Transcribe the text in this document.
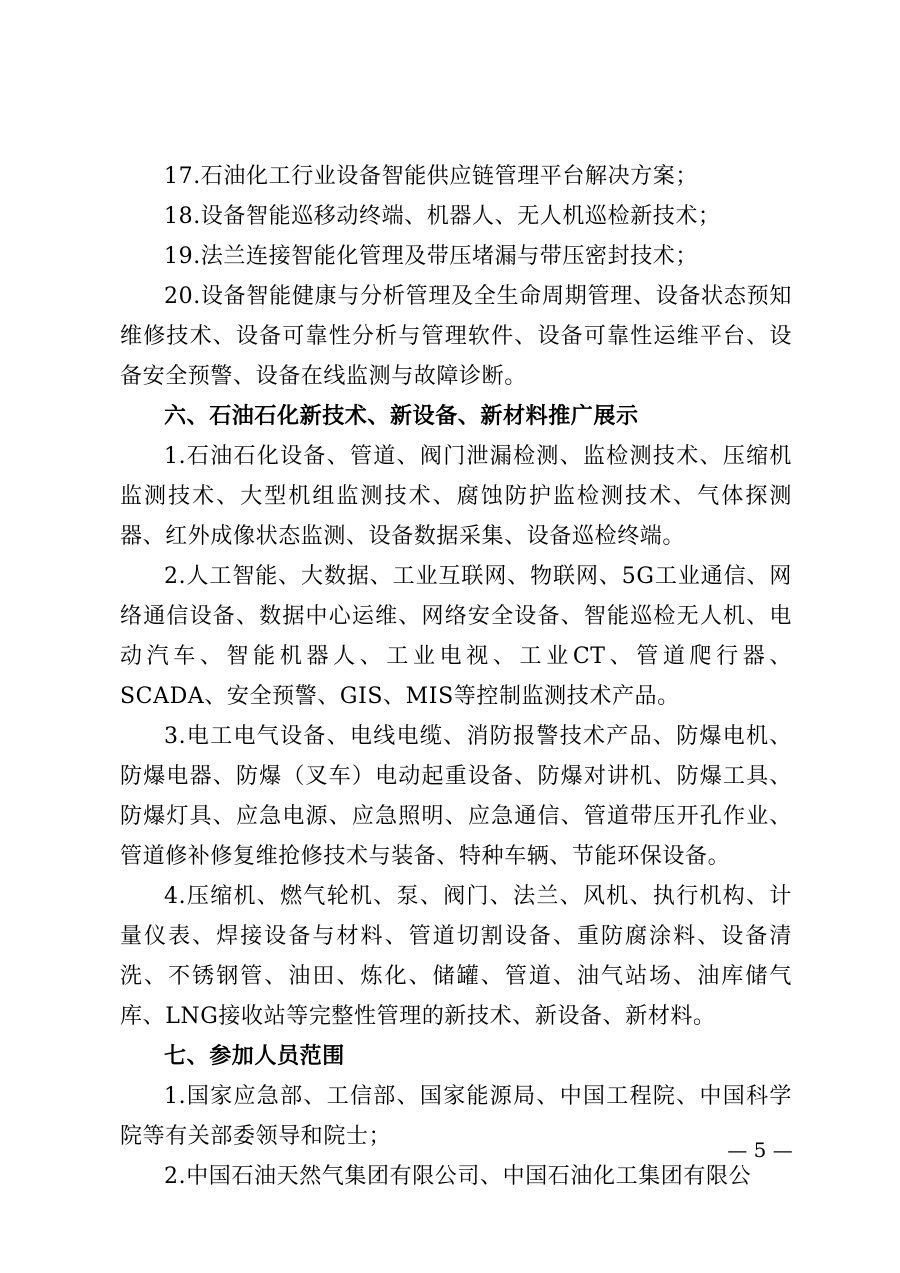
17.石油化工行业设备智能供应链管理平台解决方案；

18.设备智能巡移动终端、机器人、无人机巡检新技术；

19.法兰连接智能化管理及带压堵漏与带压密封技术；

20.设备智能健康与分析管理及全生命周期管理、设备状态预知维修技术、设备可靠性分析与管理软件、设备可靠性运维平台、设备安全预警、设备在线监测与故障诊断。

六、石油石化新技术、新设备、新材料推广展示

1.石油石化设备、管道、阀门泄漏检测、监检测技术、压缩机监测技术、大型机组监测技术、腐蚀防护监检测技术、气体探测器、红外成像状态监测、设备数据采集、设备巡检终端。

2.人工智能、大数据、工业互联网、物联网、5G工业通信、网络通信设备、数据中心运维、网络安全设备、智能巡检无人机、电动汽车、智能机器人、工业电视、工业CT、管道爬行器、SCADA、安全预警、GIS、MIS等控制监测技术产品。

3.电工电气设备、电线电缆、消防报警技术产品、防爆电机、防爆电器、防爆（叉车）电动起重设备、防爆对讲机、防爆工具、防爆灯具、应急电源、应急照明、应急通信、管道带压开孔作业、管道修补修复维抢修技术与装备、特种车辆、节能环保设备。

4.压缩机、燃气轮机、泵、阀门、法兰、风机、执行机构、计量仪表、焊接设备与材料、管道切割设备、重防腐涂料、设备清洗、不锈钢管、油田、炼化、储罐、管道、油气站场、油库储气库、LNG接收站等完整性管理的新技术、新设备、新材料。

七、参加人员范围

1.国家应急部、工信部、国家能源局、中国工程院、中国科学院等有关部委领导和院士；

2.中国石油天然气集团有限公司、中国石油化工集团有限公

— 5 —
